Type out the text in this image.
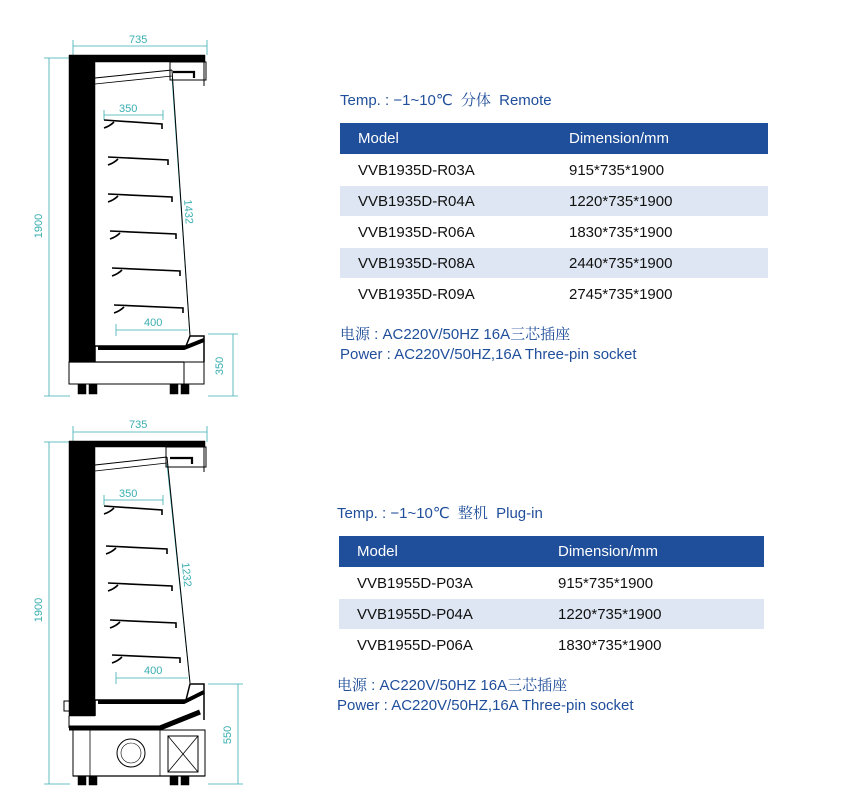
735
1900
350
1432
400
350
Temp. : −1~10℃ 分体 Remote
Model	Dimension/mm
VVB1935D-R03A	915*735*1900
VVB1935D-R04A	1220*735*1900
VVB1935D-R06A	1830*735*1900
VVB1935D-R08A	2440*735*1900
VVB1935D-R09A	2745*735*1900
电源 : AC220V/50HZ 16A三芯插座
Power : AC220V/50HZ,16A Three-pin socket
735
1900
350
1232
400
550
Temp. : −1~10℃ 整机 Plug-in
Model	Dimension/mm
VVB1955D-P03A	915*735*1900
VVB1955D-P04A	1220*735*1900
VVB1955D-P06A	1830*735*1900
电源 : AC220V/50HZ 16A三芯插座
Power : AC220V/50HZ,16A Three-pin socket
